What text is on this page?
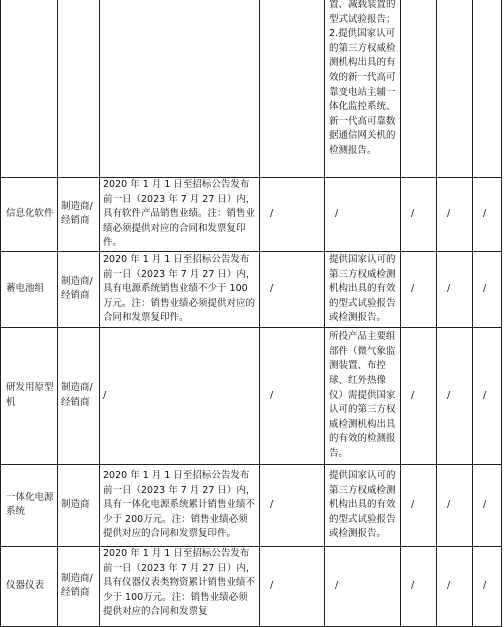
				置、减载装置的型式试验报告；2.提供国家认可的第三方权威检测机构出具的有效的新一代高可靠变电站主辅一体化监控系统、新一代高可靠数据通信网关机的检测报告。			

信息化软件	制造商/经销商	2020 年 1 月 1 日至招标公告发布前一日（2023 年 7 月 27 日）内，具有软件产品销售业绩。注：销售业绩必须提供对应的合同和发票复印件。	/	/	/	/	/

蓄电池组	制造商/经销商	2020 年 1 月 1 日至招标公告发布前一日（2023 年 7 月 27 日）内，具有电源系统销售业绩不少于 100 万元。注：销售业绩必须提供对应的合同和发票复印件。	/	提供国家认可的第三方权威检测机构出具的有效的型式试验报告或检测报告。	/	/	/

研发用原型机	制造商/经销商	/	/	所投产品主要组部件（微气象监测装置、布控球、红外热像仪）需提供国家认可的第三方权威检测机构出具的有效的检测报告。	/	/	/

一体化电源系统	制造商	2020 年 1 月 1 日至招标公告发布前一日（2023 年 7 月 27 日）内，具有一体化电源系统累计销售业绩不少于 200万元。注：销售业绩必须提供对应的合同和发票复印件。	/	提供国家认可的第三方权威检测机构出具的有效的型式试验报告或检测报告。	/	/	/

仪器仪表	制造商/经销商	2020 年 1 月 1 日至招标公告发布前一日（2023 年 7 月 27 日）内，具有仪器仪表类物资累计销售业绩不少于 100万元。注：销售业绩必须提供对应的合同和发票复	/	/	/	/	/
